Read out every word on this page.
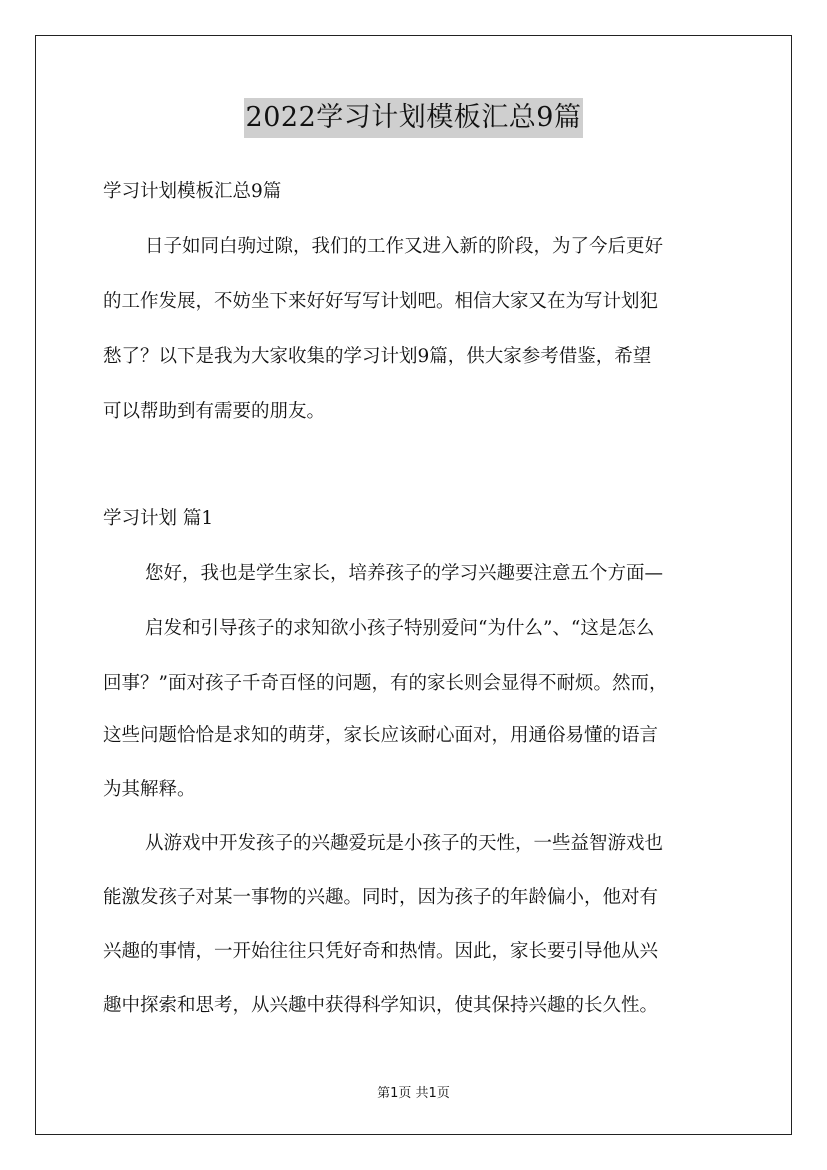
2022学习计划模板汇总9篇

学习计划模板汇总9篇

日子如同白驹过隙，我们的工作又进入新的阶段，为了今后更好

的工作发展，不妨坐下来好好写写计划吧。相信大家又在为写计划犯

愁了？以下是我为大家收集的学习计划9篇，供大家参考借鉴，希望

可以帮助到有需要的朋友。

学习计划 篇1

您好，我也是学生家长，培养孩子的学习兴趣要注意五个方面—

启发和引导孩子的求知欲小孩子特别爱问“为什么”、“这是怎么

回事？”面对孩子千奇百怪的问题，有的家长则会显得不耐烦。然而，

这些问题恰恰是求知的萌芽，家长应该耐心面对，用通俗易懂的语言

为其解释。

从游戏中开发孩子的兴趣爱玩是小孩子的天性，一些益智游戏也

能激发孩子对某一事物的兴趣。同时，因为孩子的年龄偏小，他对有

兴趣的事情，一开始往往只凭好奇和热情。因此，家长要引导他从兴

趣中探索和思考，从兴趣中获得科学知识，使其保持兴趣的长久性。

第1页 共1页
